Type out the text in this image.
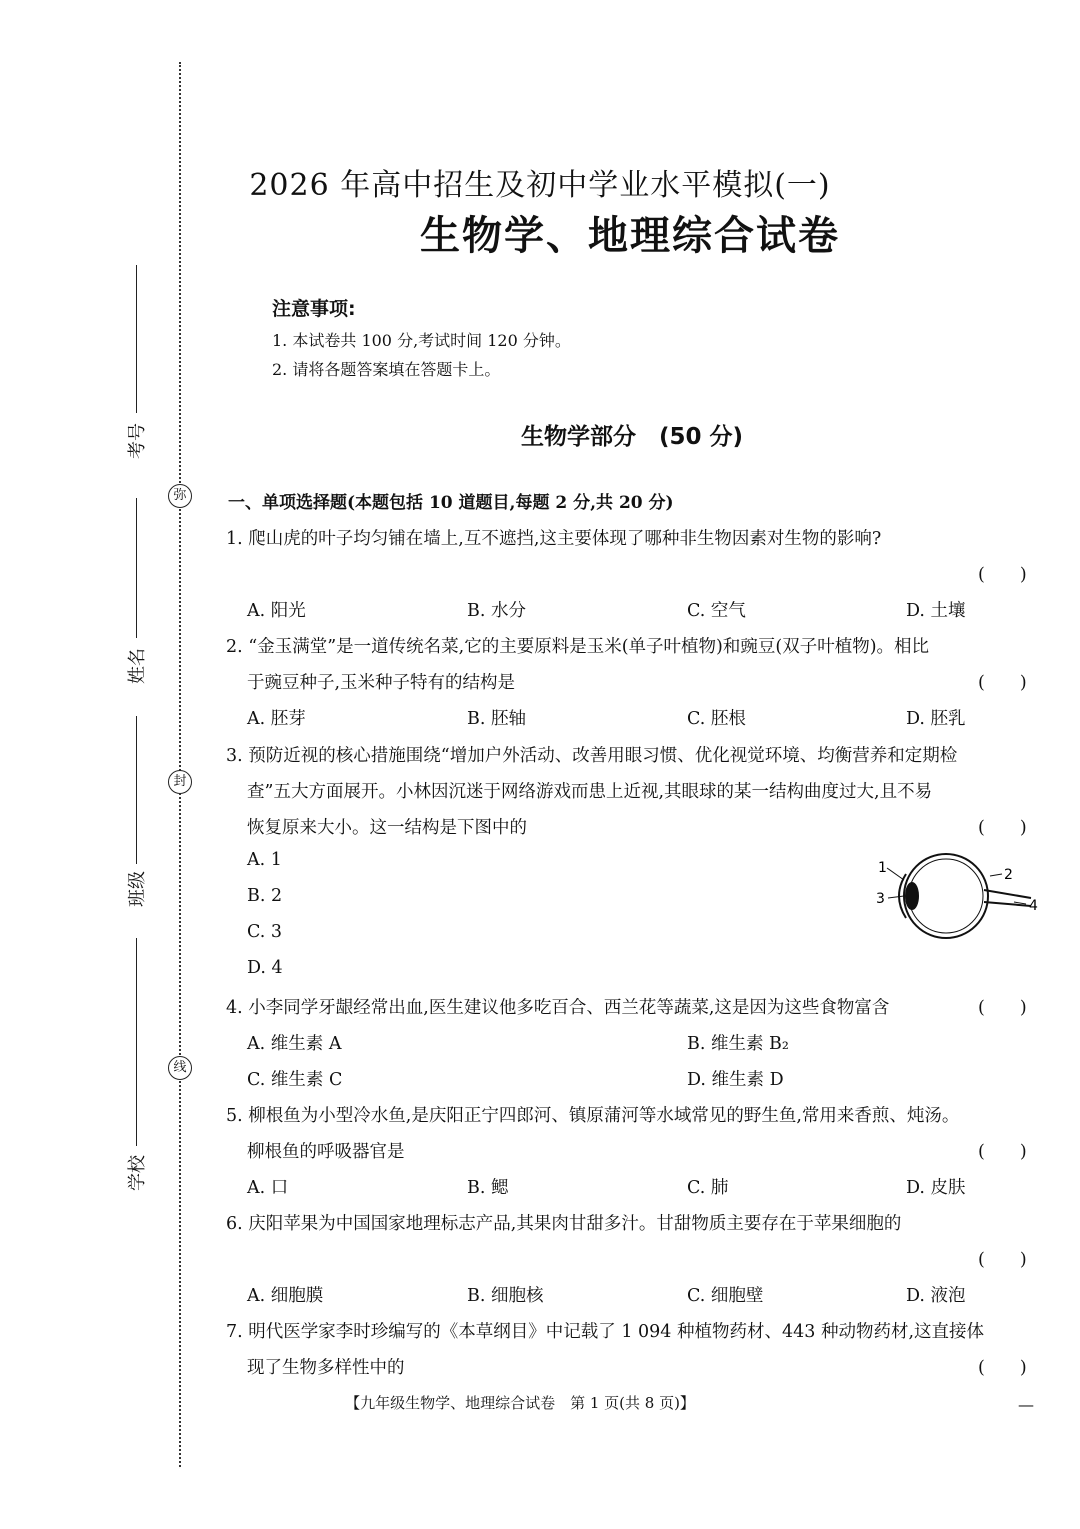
弥
封
线
考号
姓名
班级
学校
2026 年高中招生及初中学业水平模拟(一)
生物学、地理综合试卷
注意事项:
1. 本试卷共 100 分,考试时间 120 分钟。
2. 请将各题答案填在答题卡上。
生物学部分　(50 分)
一、单项选择题(本题包括 10 道题目,每题 2 分,共 20 分)
1. 爬山虎的叶子均匀铺在墙上,互不遮挡,这主要体现了哪种非生物因素对生物的影响?
(　　)
A. 阳光	B. 水分	C. 空气	D. 土壤
2. “金玉满堂”是一道传统名菜,它的主要原料是玉米(单子叶植物)和豌豆(双子叶植物)。相比
于豌豆种子,玉米种子特有的结构是	(　　)
A. 胚芽	B. 胚轴	C. 胚根	D. 胚乳
3. 预防近视的核心措施围绕“增加户外活动、改善用眼习惯、优化视觉环境、均衡营养和定期检
查”五大方面展开。小林因沉迷于网络游戏而患上近视,其眼球的某一结构曲度过大,且不易
恢复原来大小。这一结构是下图中的	(　　)
A. 1
B. 2
C. 3
D. 4
1	2
3	4
4. 小李同学牙龈经常出血,医生建议他多吃百合、西兰花等蔬菜,这是因为这些食物富含	(　　)
A. 维生素 A	B. 维生素 B₂
C. 维生素 C	D. 维生素 D
5. 柳根鱼为小型冷水鱼,是庆阳正宁四郎河、镇原蒲河等水域常见的野生鱼,常用来香煎、炖汤。
柳根鱼的呼吸器官是	(　　)
A. 口	B. 鳃	C. 肺	D. 皮肤
6. 庆阳苹果为中国国家地理标志产品,其果肉甘甜多汁。甘甜物质主要存在于苹果细胞的
(　　)
A. 细胞膜	B. 细胞核	C. 细胞壁	D. 液泡
7. 明代医学家李时珍编写的《本草纲目》中记载了 1 094 种植物药材、443 种动物药材,这直接体
现了生物多样性中的	(　　)
【九年级生物学、地理综合试卷　第 1 页(共 8 页)】	—
